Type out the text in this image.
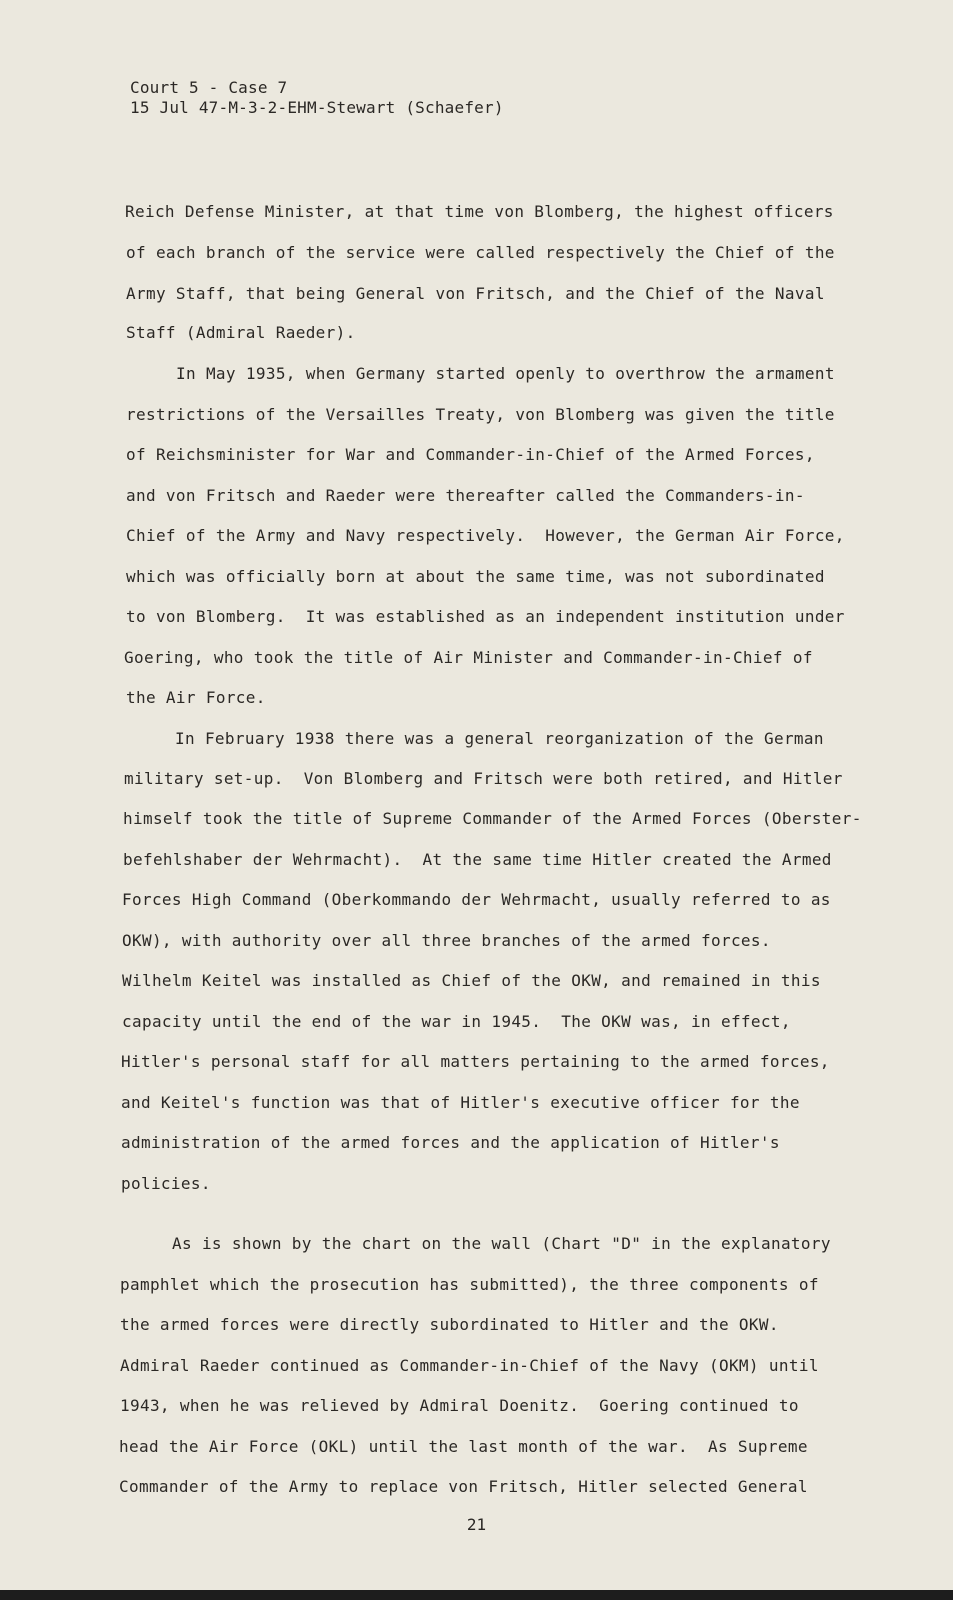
Court 5 - Case 7
15 Jul 47-M-3-2-EHM-Stewart (Schaefer)
Reich Defense Minister, at that time von Blomberg, the highest officers
of each branch of the service were called respectively the Chief of the
Army Staff, that being General von Fritsch, and the Chief of the Naval
Staff (Admiral Raeder).
In May 1935, when Germany started openly to overthrow the armament
restrictions of the Versailles Treaty, von Blomberg was given the title
of Reichsminister for War and Commander-in-Chief of the Armed Forces,
and von Fritsch and Raeder were thereafter called the Commanders-in-
Chief of the Army and Navy respectively.  However, the German Air Force,
which was officially born at about the same time, was not subordinated
to von Blomberg.  It was established as an independent institution under
Goering, who took the title of Air Minister and Commander-in-Chief of
the Air Force.
In February 1938 there was a general reorganization of the German
military set-up.  Von Blomberg and Fritsch were both retired, and Hitler
himself took the title of Supreme Commander of the Armed Forces (Oberster-
befehlshaber der Wehrmacht).  At the same time Hitler created the Armed
Forces High Command (Oberkommando der Wehrmacht, usually referred to as
OKW), with authority over all three branches of the armed forces.
Wilhelm Keitel was installed as Chief of the OKW, and remained in this
capacity until the end of the war in 1945.  The OKW was, in effect,
Hitler's personal staff for all matters pertaining to the armed forces,
and Keitel's function was that of Hitler's executive officer for the
administration of the armed forces and the application of Hitler's
policies.
As is shown by the chart on the wall (Chart "D" in the explanatory
pamphlet which the prosecution has submitted), the three components of
the armed forces were directly subordinated to Hitler and the OKW.
Admiral Raeder continued as Commander-in-Chief of the Navy (OKM) until
1943, when he was relieved by Admiral Doenitz.  Goering continued to
head the Air Force (OKL) until the last month of the war.  As Supreme
Commander of the Army to replace von Fritsch, Hitler selected General
21
